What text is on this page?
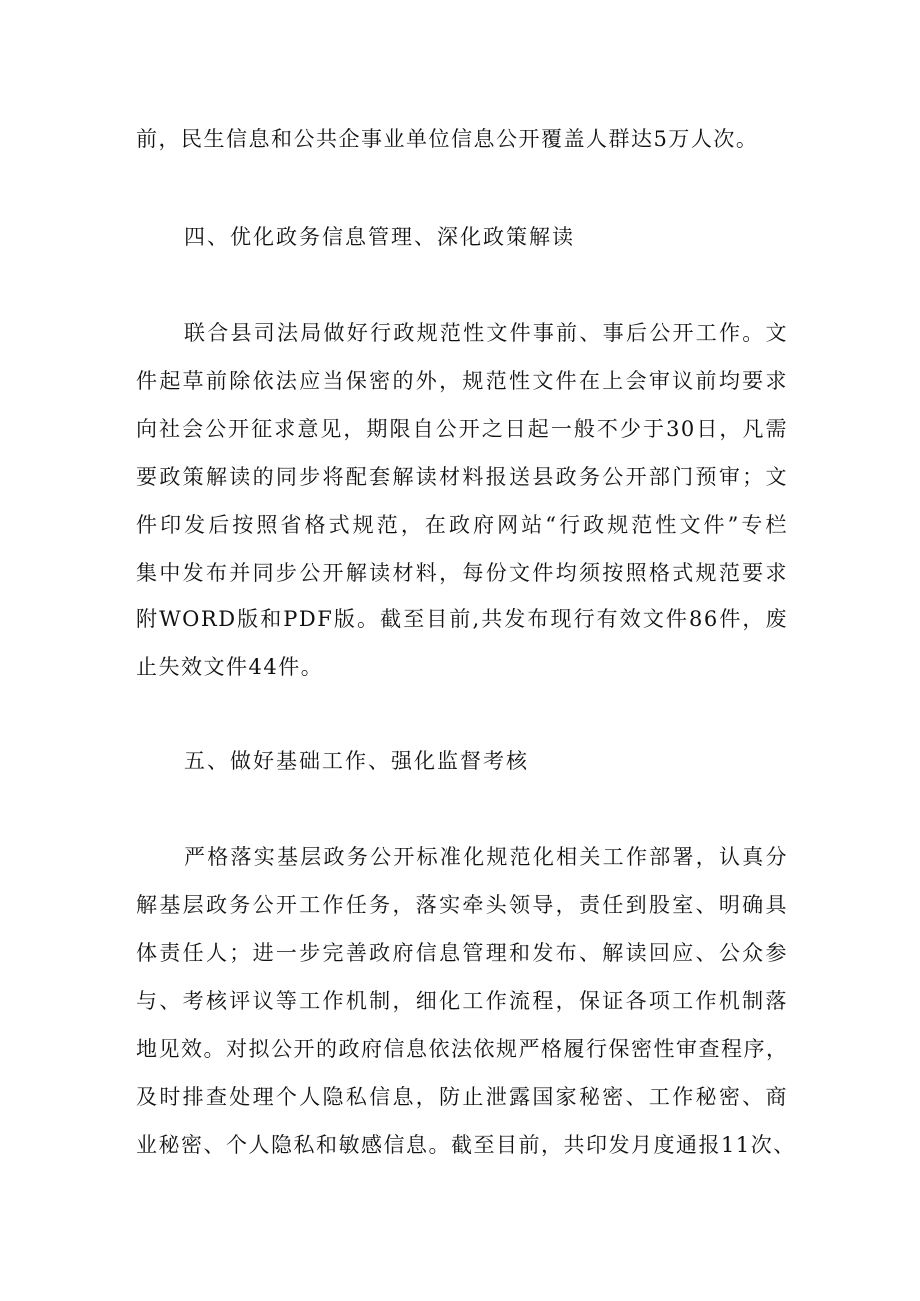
前，民生信息和公共企事业单位信息公开覆盖人群达5万人次。
四、优化政务信息管理、深化政策解读
联合县司法局做好行政规范性文件事前、事后公开工作。文
件起草前除依法应当保密的外，规范性文件在上会审议前均要求
向社会公开征求意见，期限自公开之日起一般不少于30日，凡需
要政策解读的同步将配套解读材料报送县政务公开部门预审；文
件印发后按照省格式规范，在政府网站“行政规范性文件”专栏
集中发布并同步公开解读材料，每份文件均须按照格式规范要求
附WORD版和PDF版。截至目前,共发布现行有效文件86件，废
止失效文件44件。
五、做好基础工作、强化监督考核
严格落实基层政务公开标准化规范化相关工作部署，认真分
解基层政务公开工作任务，落实牵头领导，责任到股室、明确具
体责任人；进一步完善政府信息管理和发布、解读回应、公众参
与、考核评议等工作机制，细化工作流程，保证各项工作机制落
地见效。对拟公开的政府信息依法依规严格履行保密性审查程序，
及时排查处理个人隐私信息，防止泄露国家秘密、工作秘密、商
业秘密、个人隐私和敏感信息。截至目前，共印发月度通报11次、
